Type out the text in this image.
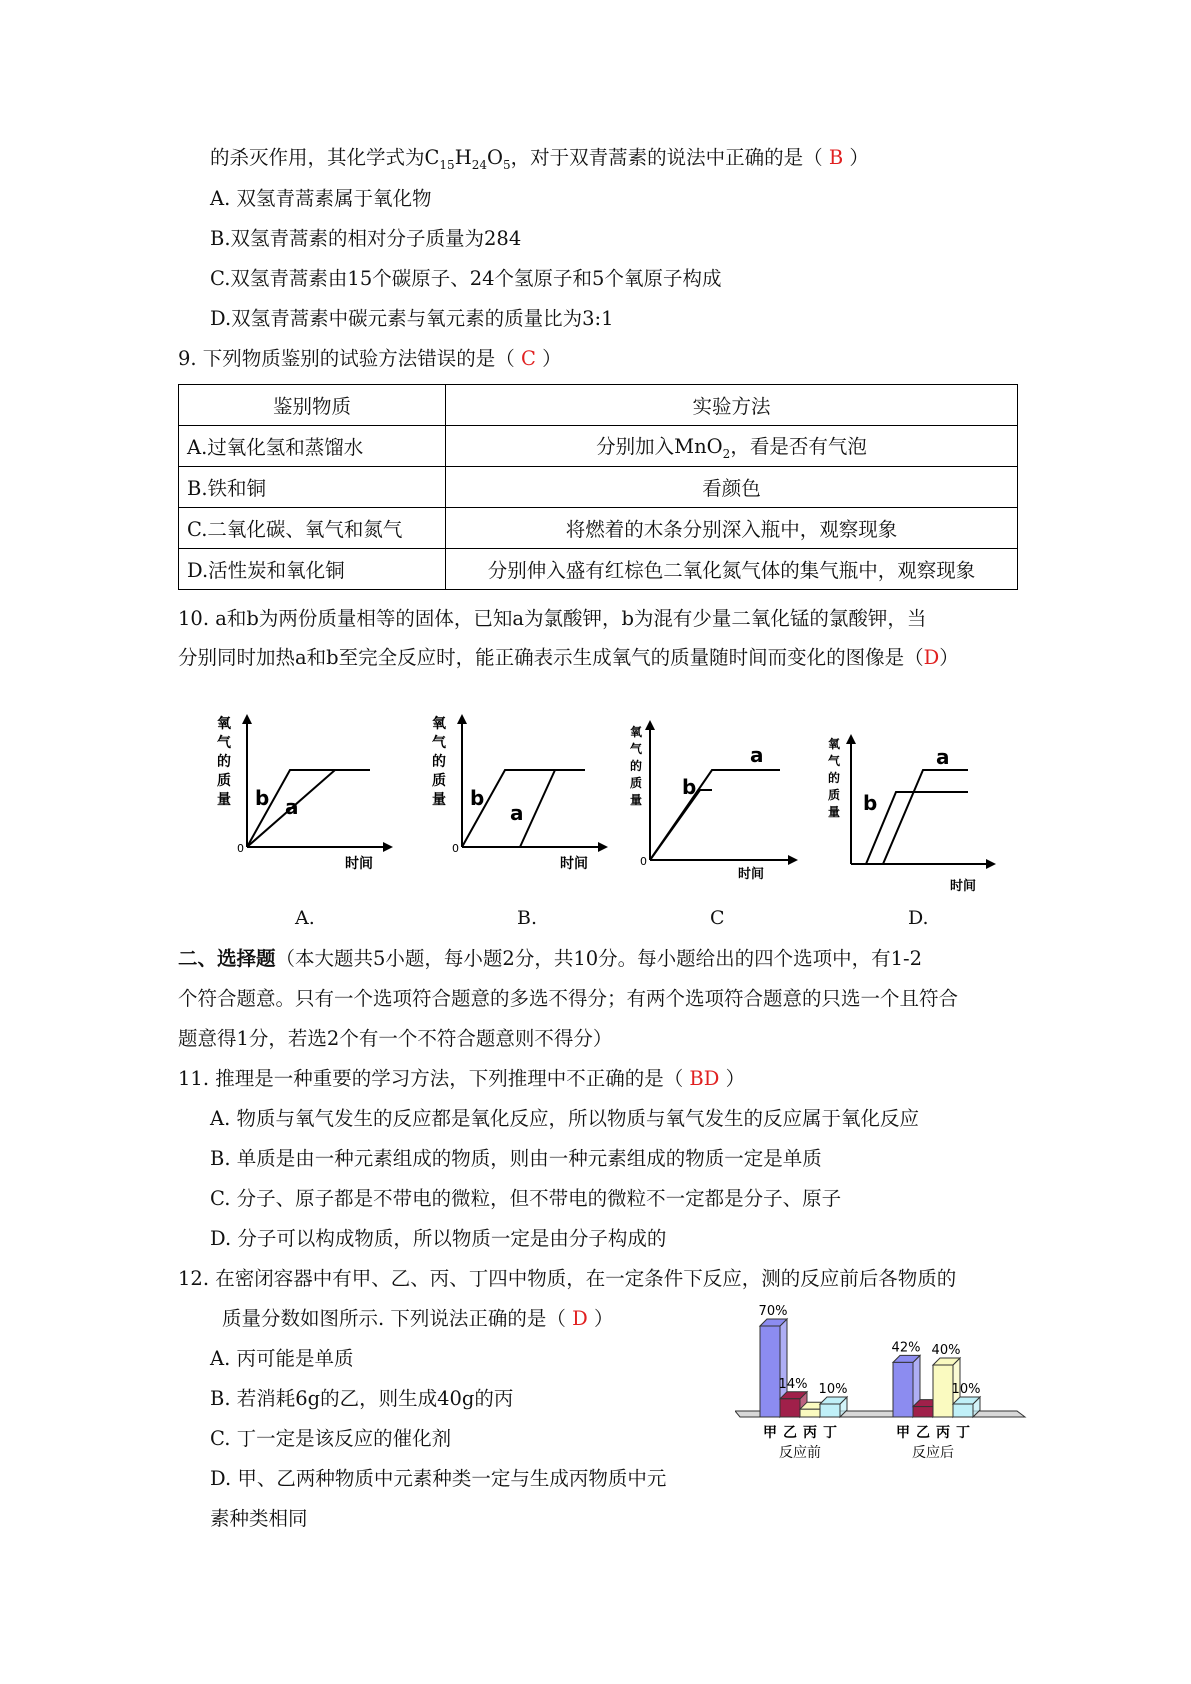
的杀灭作用，其化学式为$C_{15}H_{24}O_5$，对于双青蒿素的说法中正确的是（ B ）
A. 双氢青蒿素属于氧化物
B.双氢青蒿素的相对分子质量为284
C.双氢青蒿素由15个碳原子、24个氢原子和5个氧原子构成
D.双氢青蒿素中碳元素与氧元素的质量比为3:1
9. 下列物质鉴别的试验方法错误的是（ C ）
鉴别物质	实验方法
A.过氧化氢和蒸馏水	分别加入MnO$_2$，看是否有气泡
B.铁和铜	看颜色
C.二氧化碳、氧气和氮气	将燃着的木条分别深入瓶中，观察现象
D.活性炭和氧化铜	分别伸入盛有红棕色二氧化氮气体的集气瓶中，观察现象
10. a和b为两份质量相等的固体，已知a为氯酸钾，b为混有少量二氧化锰的氯酸钾，当
分别同时加热a和b至完全反应时，能正确表示生成氧气的质量随时间而变化的图像是（D）
氧
气
的
质
量
0
时间
b a
氧
气
的
质
量
0
时间
b
a
氧
气
的
质
量
0
时间
a
b
氧
气
的
质
量
时间
a
b
A.	B.	C	D.
二、选择题（本大题共5小题，每小题2分，共10分。每小题给出的四个选项中，有1-2
个符合题意。只有一个选项符合题意的多选不得分；有两个选项符合题意的只选一个且符合
题意得1分，若选2个有一个不符合题意则不得分）
11. 推理是一种重要的学习方法，下列推理中不正确的是（ BD ）
A. 物质与氧气发生的反应都是氧化反应，所以物质与氧气发生的反应属于氧化反应
B. 单质是由一种元素组成的物质，则由一种元素组成的物质一定是单质
C. 分子、原子都是不带电的微粒，但不带电的微粒不一定都是分子、原子
D. 分子可以构成物质，所以物质一定是由分子构成的
12. 在密闭容器中有甲、乙、丙、丁四中物质，在一定条件下反应，测的反应前后各物质的
质量分数如图所示. 下列说法正确的是（ D ）
A. 丙可能是单质
B. 若消耗6g的乙，则生成40g的丙
C. 丁一定是该反应的催化剂
D. 甲、乙两种物质中元素种类一定与生成丙物质中元
素种类相同
70%
甲
14%
乙 丙
10%
丁
反应前
42%
甲 乙
40%
丙
10%
丁
反应后
